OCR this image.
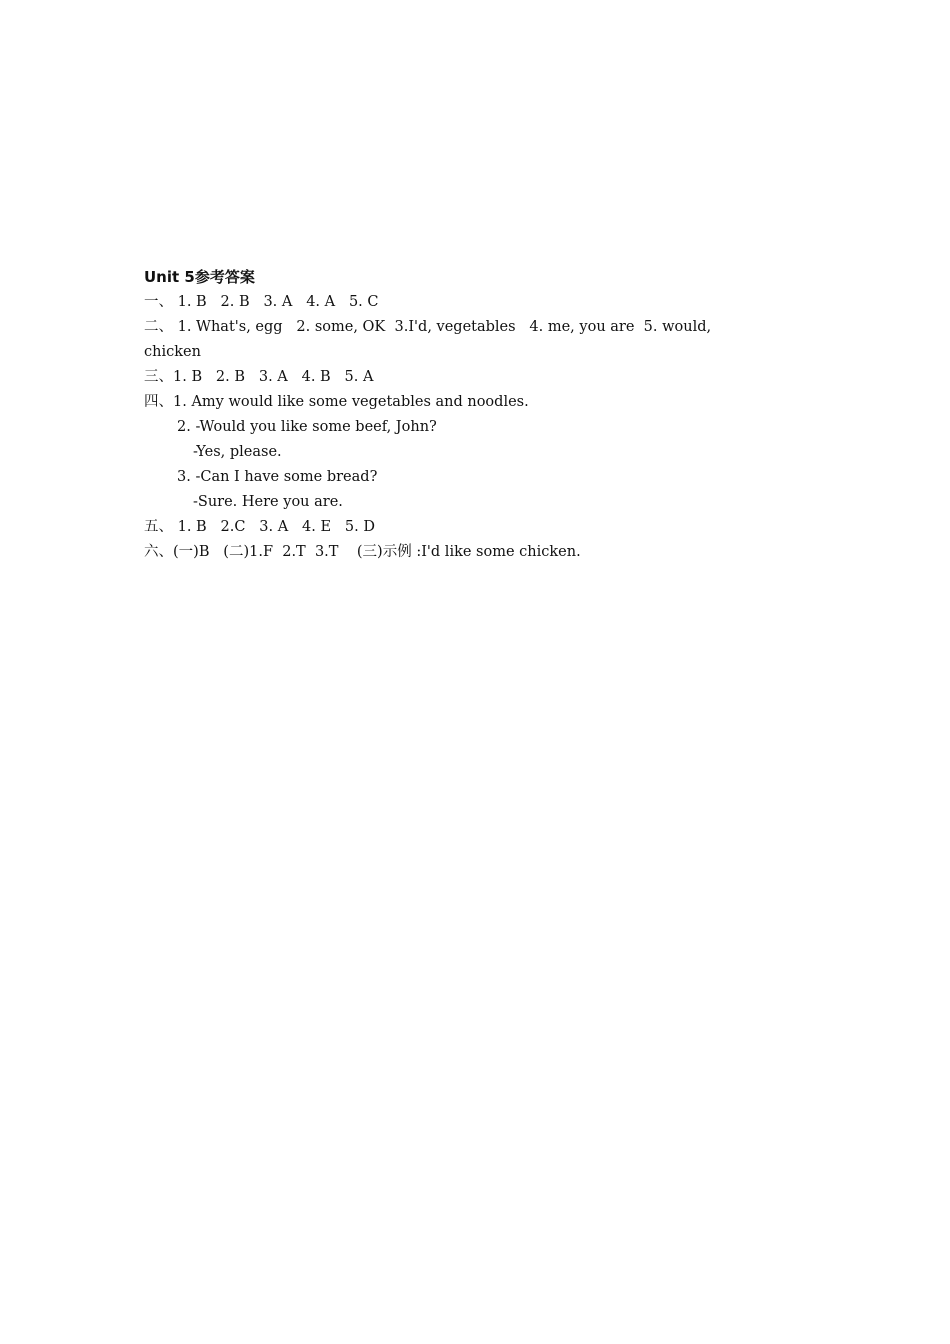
Unit 5参考答案
一、 1. B   2. B   3. A   4. A   5. C
二、 1. What's, egg   2. some, OK  3.I'd, vegetables   4. me, you are  5. would,
chicken
三、1. B   2. B   3. A   4. B   5. A
四、1. Amy would like some vegetables and noodles.
2. -Would you like some beef, John?
-Yes, please.
3. -Can I have some bread?
-Sure. Here you are.
五、 1. B   2.C   3. A   4. E   5. D
六、(一)B   (二)1.F  2.T  3.T    (三)示例 :I'd like some chicken.
